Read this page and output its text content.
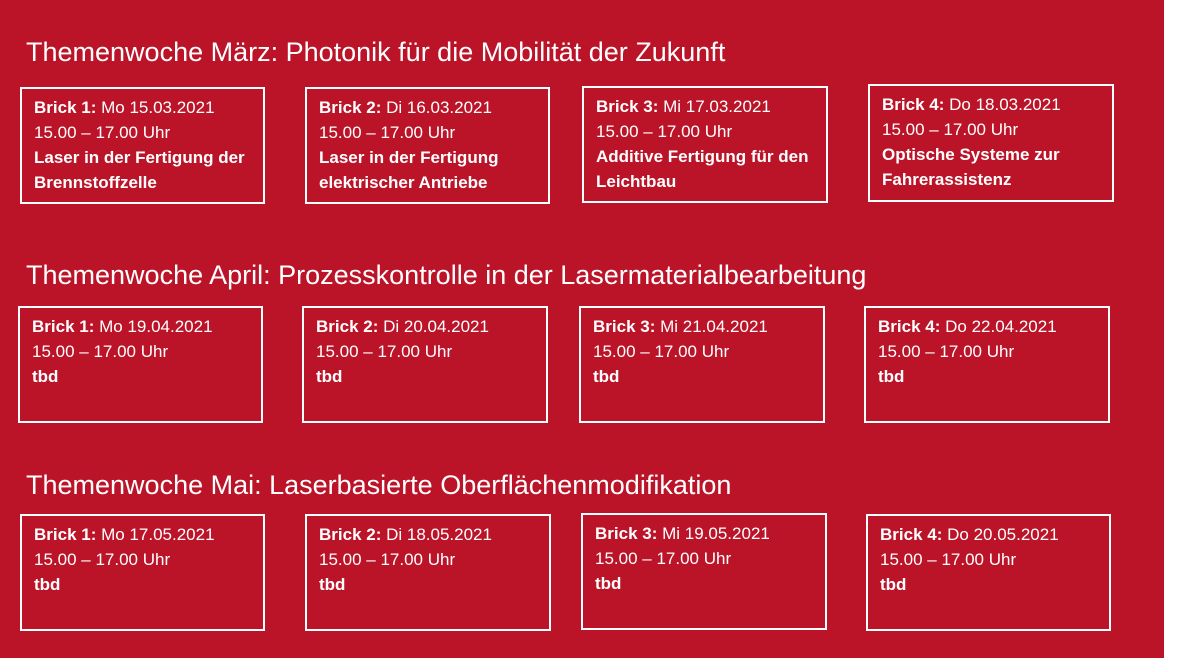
Themenwoche März: Photonik für die Mobilität der Zukunft
Brick 1: Mo 15.03.2021
15.00 – 17.00 Uhr
Laser in der Fertigung der Brennstoffzelle
Brick 2: Di 16.03.2021
15.00 – 17.00 Uhr
Laser in der Fertigung elektrischer Antriebe
Brick 3: Mi 17.03.2021
15.00 – 17.00 Uhr
Additive Fertigung für den Leichtbau
Brick 4: Do 18.03.2021
15.00 – 17.00 Uhr
Optische Systeme zur Fahrerassistenz
Themenwoche April: Prozesskontrolle in der Lasermaterialbearbeitung
Brick 1: Mo 19.04.2021
15.00 – 17.00 Uhr
tbd
Brick 2: Di 20.04.2021
15.00 – 17.00 Uhr
tbd
Brick 3: Mi 21.04.2021
15.00 – 17.00 Uhr
tbd
Brick 4: Do 22.04.2021
15.00 – 17.00 Uhr
tbd
Themenwoche Mai: Laserbasierte Oberflächenmodifikation
Brick 1: Mo 17.05.2021
15.00 – 17.00 Uhr
tbd
Brick 2: Di 18.05.2021
15.00 – 17.00 Uhr
tbd
Brick 3: Mi 19.05.2021
15.00 – 17.00 Uhr
tbd
Brick 4: Do 20.05.2021
15.00 – 17.00 Uhr
tbd
